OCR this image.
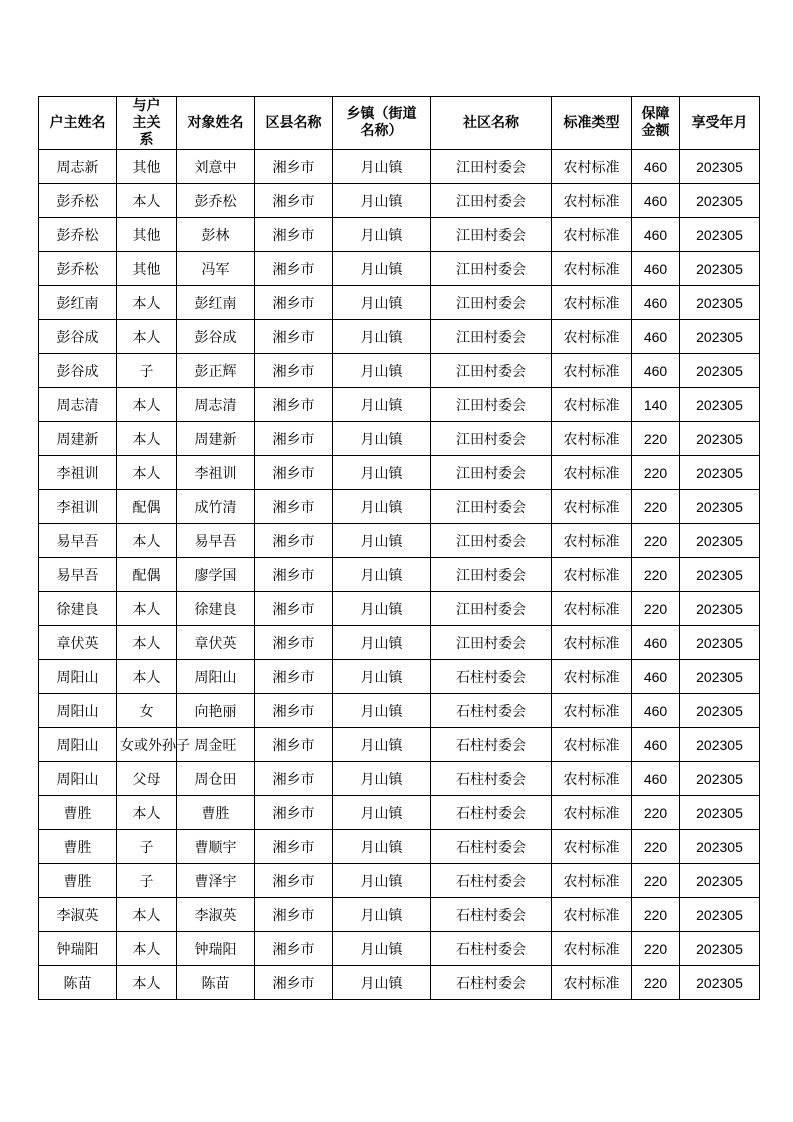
户主姓名	与户主关系	对象姓名	区县名称	乡镇（街道名称）	社区名称	标准类型	保障金额	享受年月
周志新	其他	刘意中	湘乡市	月山镇	江田村委会	农村标准	460	202305
彭乔松	本人	彭乔松	湘乡市	月山镇	江田村委会	农村标准	460	202305
彭乔松	其他	彭林	湘乡市	月山镇	江田村委会	农村标准	460	202305
彭乔松	其他	冯军	湘乡市	月山镇	江田村委会	农村标准	460	202305
彭红南	本人	彭红南	湘乡市	月山镇	江田村委会	农村标准	460	202305
彭谷成	本人	彭谷成	湘乡市	月山镇	江田村委会	农村标准	460	202305
彭谷成	子	彭正辉	湘乡市	月山镇	江田村委会	农村标准	460	202305
周志清	本人	周志清	湘乡市	月山镇	江田村委会	农村标准	140	202305
周建新	本人	周建新	湘乡市	月山镇	江田村委会	农村标准	220	202305
李祖训	本人	李祖训	湘乡市	月山镇	江田村委会	农村标准	220	202305
李祖训	配偶	成竹清	湘乡市	月山镇	江田村委会	农村标准	220	202305
易早吾	本人	易早吾	湘乡市	月山镇	江田村委会	农村标准	220	202305
易早吾	配偶	廖学国	湘乡市	月山镇	江田村委会	农村标准	220	202305
徐建良	本人	徐建良	湘乡市	月山镇	江田村委会	农村标准	220	202305
章伏英	本人	章伏英	湘乡市	月山镇	江田村委会	农村标准	460	202305
周阳山	本人	周阳山	湘乡市	月山镇	石柱村委会	农村标准	460	202305
周阳山	女	向艳丽	湘乡市	月山镇	石柱村委会	农村标准	460	202305
周阳山	女或外孙子	周金旺	湘乡市	月山镇	石柱村委会	农村标准	460	202305
周阳山	父母	周仓田	湘乡市	月山镇	石柱村委会	农村标准	460	202305
曹胜	本人	曹胜	湘乡市	月山镇	石柱村委会	农村标准	220	202305
曹胜	子	曹顺宇	湘乡市	月山镇	石柱村委会	农村标准	220	202305
曹胜	子	曹泽宇	湘乡市	月山镇	石柱村委会	农村标准	220	202305
李淑英	本人	李淑英	湘乡市	月山镇	石柱村委会	农村标准	220	202305
钟瑞阳	本人	钟瑞阳	湘乡市	月山镇	石柱村委会	农村标准	220	202305
陈苗	本人	陈苗	湘乡市	月山镇	石柱村委会	农村标准	220	202305
